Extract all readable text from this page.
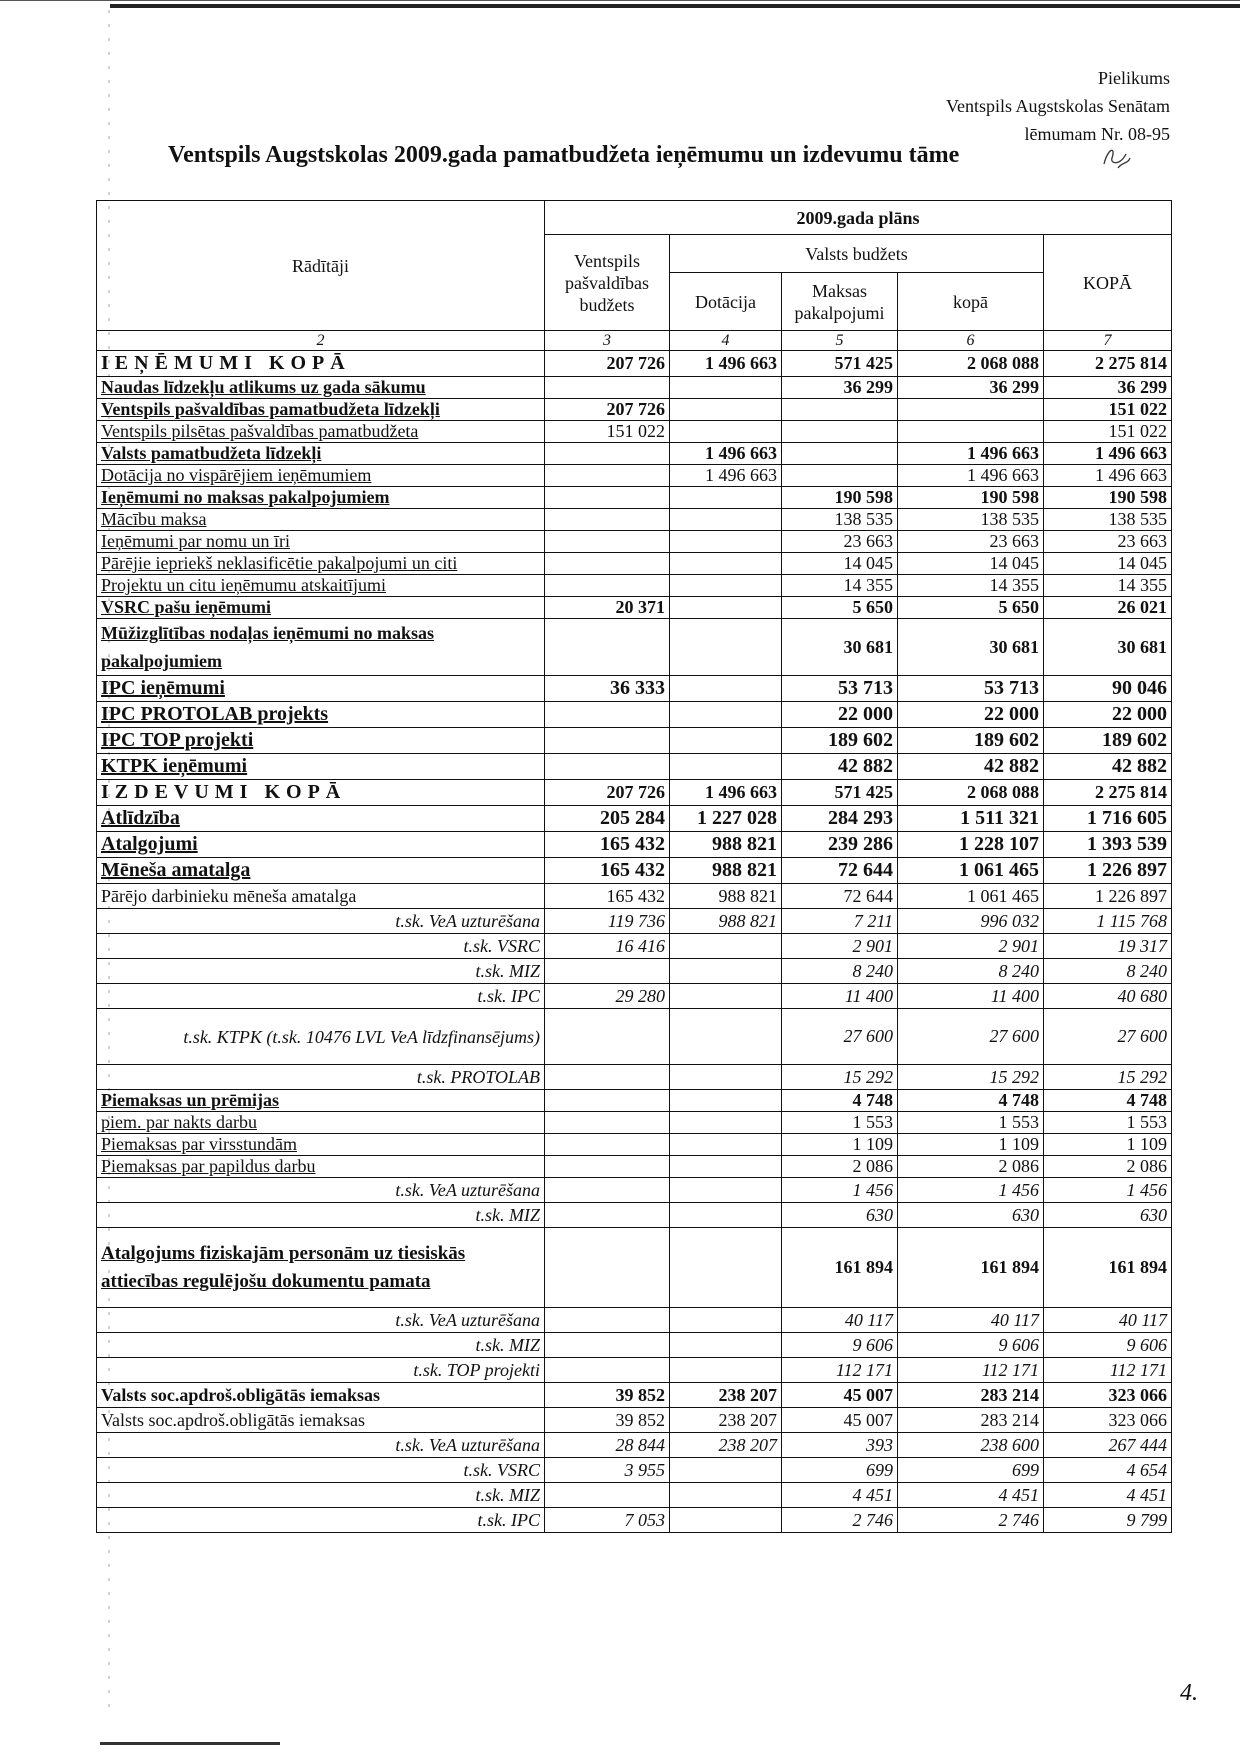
Pielikums
Ventspils Augstskolas Senātam
lēmumam Nr. 08-95
Ventspils Augstskolas 2009.gada pamatbudžeta ieņēmumu un izdevumu tāme
Rādītāji	2009.gada plāns				
	Ventspils pašvaldības budžets	Valsts budžets			KOPĀ
		Dotācija	Maksas pakalpojumi	kopā	
2	3	4	5	6	7
IEŅĒMUMI KOPĀ	207 726	1 496 663	571 425	2 068 088	2 275 814
Naudas līdzekļu atlikums uz gada sākumu			36 299	36 299	36 299
Ventspils pašvaldības pamatbudžeta līdzekļi	207 726				151 022
Ventspils pilsētas pašvaldības pamatbudžeta	151 022				151 022
Valsts pamatbudžeta līdzekļi		1 496 663		1 496 663	1 496 663
Dotācija no vispārējiem ieņēmumiem		1 496 663		1 496 663	1 496 663
Ieņēmumi no maksas pakalpojumiem			190 598	190 598	190 598
Mācību maksa			138 535	138 535	138 535
Ieņēmumi par nomu un īri			23 663	23 663	23 663
Pārējie iepriekš neklasificētie pakalpojumi un citi			14 045	14 045	14 045
Projektu un citu ieņēmumu atskaitījumi			14 355	14 355	14 355
VSRC pašu ieņēmumi	20 371		5 650	5 650	26 021
Mūžizglītības nodaļas ieņēmumi no maksas pakalpojumiem			30 681	30 681	30 681
IPC ieņēmumi	36 333		53 713	53 713	90 046
IPC PROTOLAB projekts			22 000	22 000	22 000
IPC TOP projekti			189 602	189 602	189 602
KTPK ieņēmumi			42 882	42 882	42 882
IZDEVUMI KOPĀ	207 726	1 496 663	571 425	2 068 088	2 275 814
Atlīdzība	205 284	1 227 028	284 293	1 511 321	1 716 605
Atalgojumi	165 432	988 821	239 286	1 228 107	1 393 539
Mēneša amatalga	165 432	988 821	72 644	1 061 465	1 226 897
Pārējo darbinieku mēneša amatalga	165 432	988 821	72 644	1 061 465	1 226 897
t.sk. VeA uzturēšana	119 736	988 821	7 211	996 032	1 115 768
t.sk. VSRC	16 416		2 901	2 901	19 317
t.sk. MIZ			8 240	8 240	8 240
t.sk. IPC	29 280		11 400	11 400	40 680
t.sk. KTPK (t.sk. 10476 LVL VeA līdzfinansējums)			27 600	27 600	27 600
t.sk. PROTOLAB			15 292	15 292	15 292
Piemaksas un prēmijas			4 748	4 748	4 748
piem. par nakts darbu			1 553	1 553	1 553
Piemaksas par virsstundām			1 109	1 109	1 109
Piemaksas par papildus darbu			2 086	2 086	2 086
t.sk. VeA uzturēšana			1 456	1 456	1 456
t.sk. MIZ			630	630	630
Atalgojums fiziskajām personām uz tiesiskās attiecības regulējošu dokumentu pamata			161 894	161 894	161 894
t.sk. VeA uzturēšana			40 117	40 117	40 117
t.sk. MIZ			9 606	9 606	9 606
t.sk. TOP projekti			112 171	112 171	112 171
Valsts soc.apdroš.obligātās iemaksas	39 852	238 207	45 007	283 214	323 066
Valsts soc.apdroš.obligātās iemaksas	39 852	238 207	45 007	283 214	323 066
t.sk. VeA uzturēšana	28 844	238 207	393	238 600	267 444
t.sk. VSRC	3 955		699	699	4 654
t.sk. MIZ			4 451	4 451	4 451
t.sk. IPC	7 053		2 746	2 746	9 799
4.
